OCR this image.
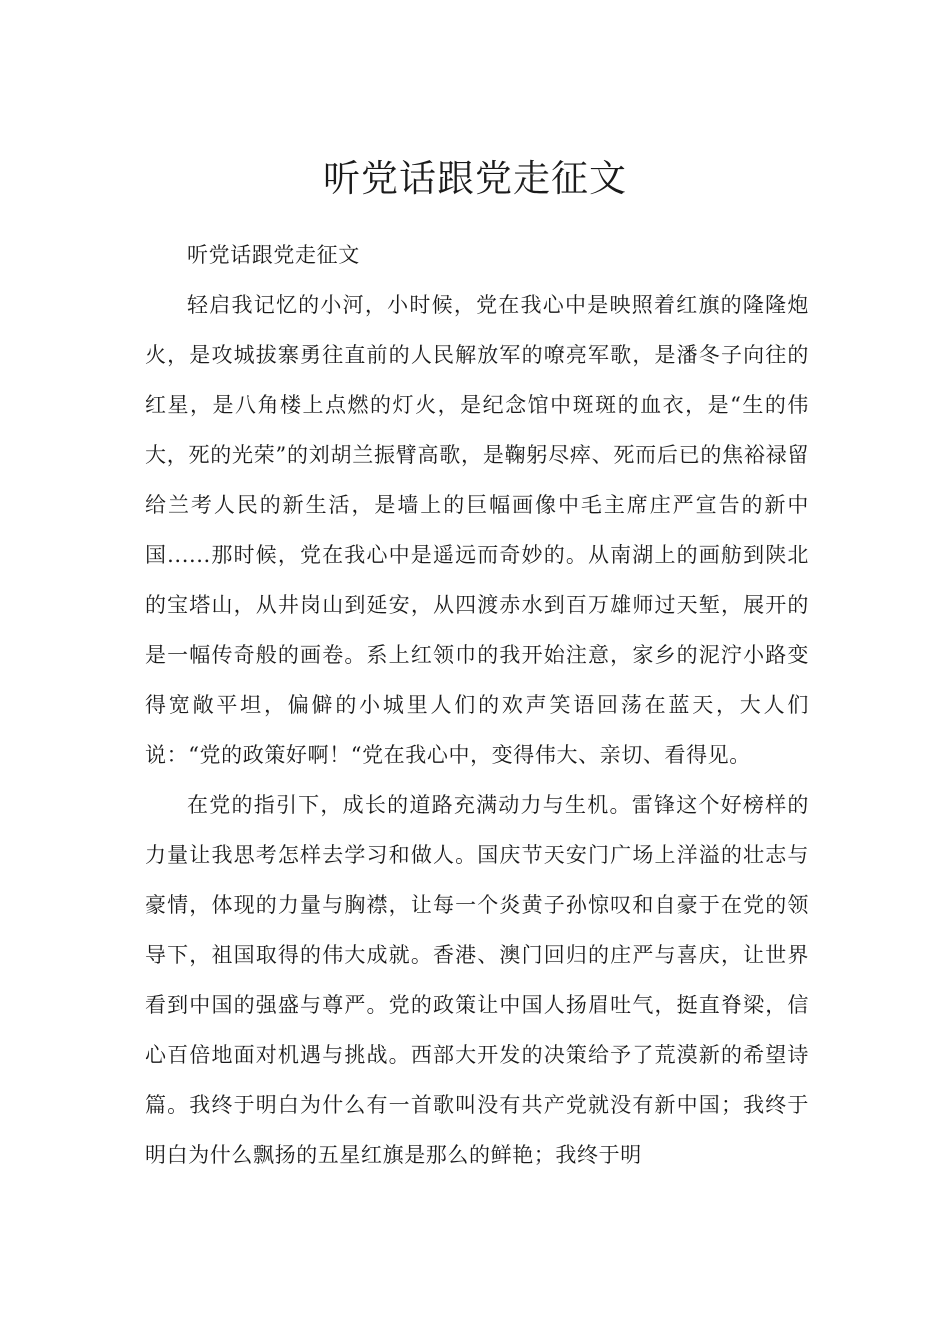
听党话跟党走征文

听党话跟党走征文

轻启我记忆的小河，小时候，党在我心中是映照着红旗的隆隆炮火，是攻城拔寨勇往直前的人民解放军的嘹亮军歌，是潘冬子向往的红星，是八角楼上点燃的灯火，是纪念馆中斑斑的血衣，是“生的伟大，死的光荣”的刘胡兰振臂高歌，是鞠躬尽瘁、死而后已的焦裕禄留给兰考人民的新生活，是墙上的巨幅画像中毛主席庄严宣告的新中国......那时候，党在我心中是遥远而奇妙的。从南湖上的画舫到陕北的宝塔山，从井岗山到延安，从四渡赤水到百万雄师过天堑，展开的是一幅传奇般的画卷。系上红领巾的我开始注意，家乡的泥泞小路变得宽敞平坦，偏僻的小城里人们的欢声笑语回荡在蓝天，大人们说：“党的政策好啊！“党在我心中，变得伟大、亲切、看得见。

在党的指引下，成长的道路充满动力与生机。雷锋这个好榜样的力量让我思考怎样去学习和做人。国庆节天安门广场上洋溢的壮志与豪情，体现的力量与胸襟，让每一个炎黄子孙惊叹和自豪于在党的领导下，祖国取得的伟大成就。香港、澳门回归的庄严与喜庆，让世界看到中国的强盛与尊严。党的政策让中国人扬眉吐气，挺直脊梁，信心百倍地面对机遇与挑战。西部大开发的决策给予了荒漠新的希望诗篇。我终于明白为什么有一首歌叫没有共产党就没有新中国；我终于明白为什么飘扬的五星红旗是那么的鲜艳；我终于明
